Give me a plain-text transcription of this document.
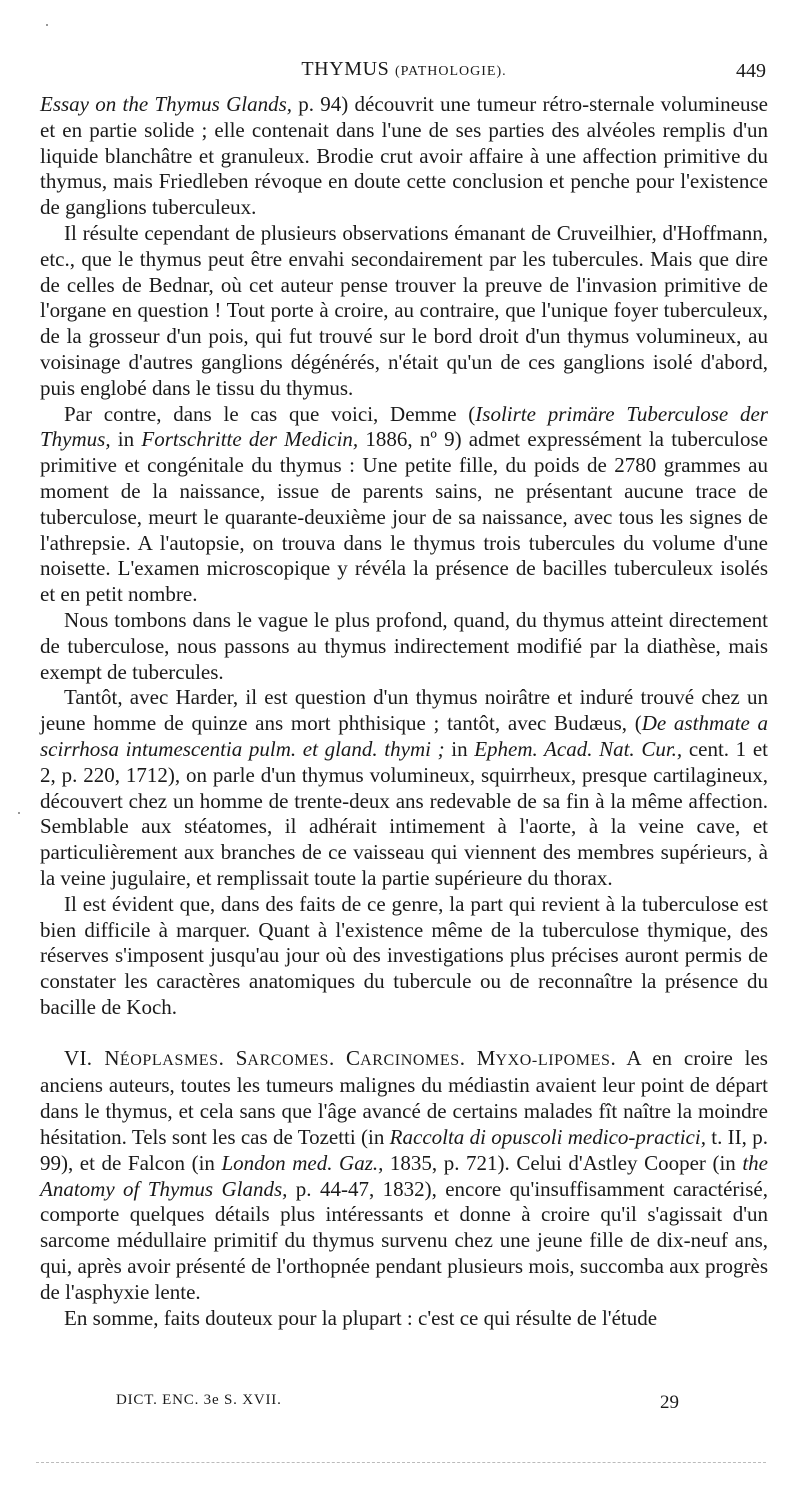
THYMUS (PATHOLOGIE).	449

Essay on the Thymus Glands, p. 94) découvrit une tumeur rétro-sternale volumineuse et en partie solide ; elle contenait dans l'une de ses parties des alvéoles remplis d'un liquide blanchâtre et granuleux. Brodie crut avoir affaire à une affection primitive du thymus, mais Friedleben révoque en doute cette conclusion et penche pour l'existence de ganglions tuberculeux.

Il résulte cependant de plusieurs observations émanant de Cruveilhier, d'Hoffmann, etc., que le thymus peut être envahi secondairement par les tubercules. Mais que dire de celles de Bednar, où cet auteur pense trouver la preuve de l'invasion primitive de l'organe en question ! Tout porte à croire, au contraire, que l'unique foyer tuberculeux, de la grosseur d'un pois, qui fut trouvé sur le bord droit d'un thymus volumineux, au voisinage d'autres ganglions dégénérés, n'était qu'un de ces ganglions isolé d'abord, puis englobé dans le tissu du thymus.

Par contre, dans le cas que voici, Demme (Isolirte primäre Tuberculose der Thymus, in Fortschritte der Medicin, 1886, nº 9) admet expressément la tuberculose primitive et congénitale du thymus : Une petite fille, du poids de 2780 grammes au moment de la naissance, issue de parents sains, ne présentant aucune trace de tuberculose, meurt le quarante-deuxième jour de sa naissance, avec tous les signes de l'athrepsie. A l'autopsie, on trouva dans le thymus trois tubercules du volume d'une noisette. L'examen microscopique y révéla la présence de bacilles tuberculeux isolés et en petit nombre.

Nous tombons dans le vague le plus profond, quand, du thymus atteint directement de tuberculose, nous passons au thymus indirectement modifié par la diathèse, mais exempt de tubercules.

Tantôt, avec Harder, il est question d'un thymus noirâtre et induré trouvé chez un jeune homme de quinze ans mort phthisique ; tantôt, avec Budæus, (De asthmate a scirrhosa intumescentia pulm. et gland. thymi ; in Ephem. Acad. Nat. Cur., cent. 1 et 2, p. 220, 1712), on parle d'un thymus volumineux, squirrheux, presque cartilagineux, découvert chez un homme de trente-deux ans redevable de sa fin à la même affection. Semblable aux stéatomes, il adhérait intimement à l'aorte, à la veine cave, et particulièrement aux branches de ce vaisseau qui viennent des membres supérieurs, à la veine jugulaire, et remplissait toute la partie supérieure du thorax.

Il est évident que, dans des faits de ce genre, la part qui revient à la tuberculose est bien difficile à marquer. Quant à l'existence même de la tuberculose thymique, des réserves s'imposent jusqu'au jour où des investigations plus précises auront permis de constater les caractères anatomiques du tubercule ou de reconnaître la présence du bacille de Koch.

VI. NÉOPLASMES. SARCOMES. CARCINOMES. MYXO-LIPOMES. A en croire les anciens auteurs, toutes les tumeurs malignes du médiastin avaient leur point de départ dans le thymus, et cela sans que l'âge avancé de certains malades fît naître la moindre hésitation. Tels sont les cas de Tozetti (in Raccolta di opuscoli medico-practici, t. II, p. 99), et de Falcon (in London med. Gaz., 1835, p. 721). Celui d'Astley Cooper (in the Anatomy of Thymus Glands, p. 44-47, 1832), encore qu'insuffisamment caractérisé, comporte quelques détails plus intéressants et donne à croire qu'il s'agissait d'un sarcome médullaire primitif du thymus survenu chez une jeune fille de dix-neuf ans, qui, après avoir présenté de l'orthopnée pendant plusieurs mois, succomba aux progrès de l'asphyxie lente.

En somme, faits douteux pour la plupart : c'est ce qui résulte de l'étude

DICT. ENC. 3e S. XVII.	29
